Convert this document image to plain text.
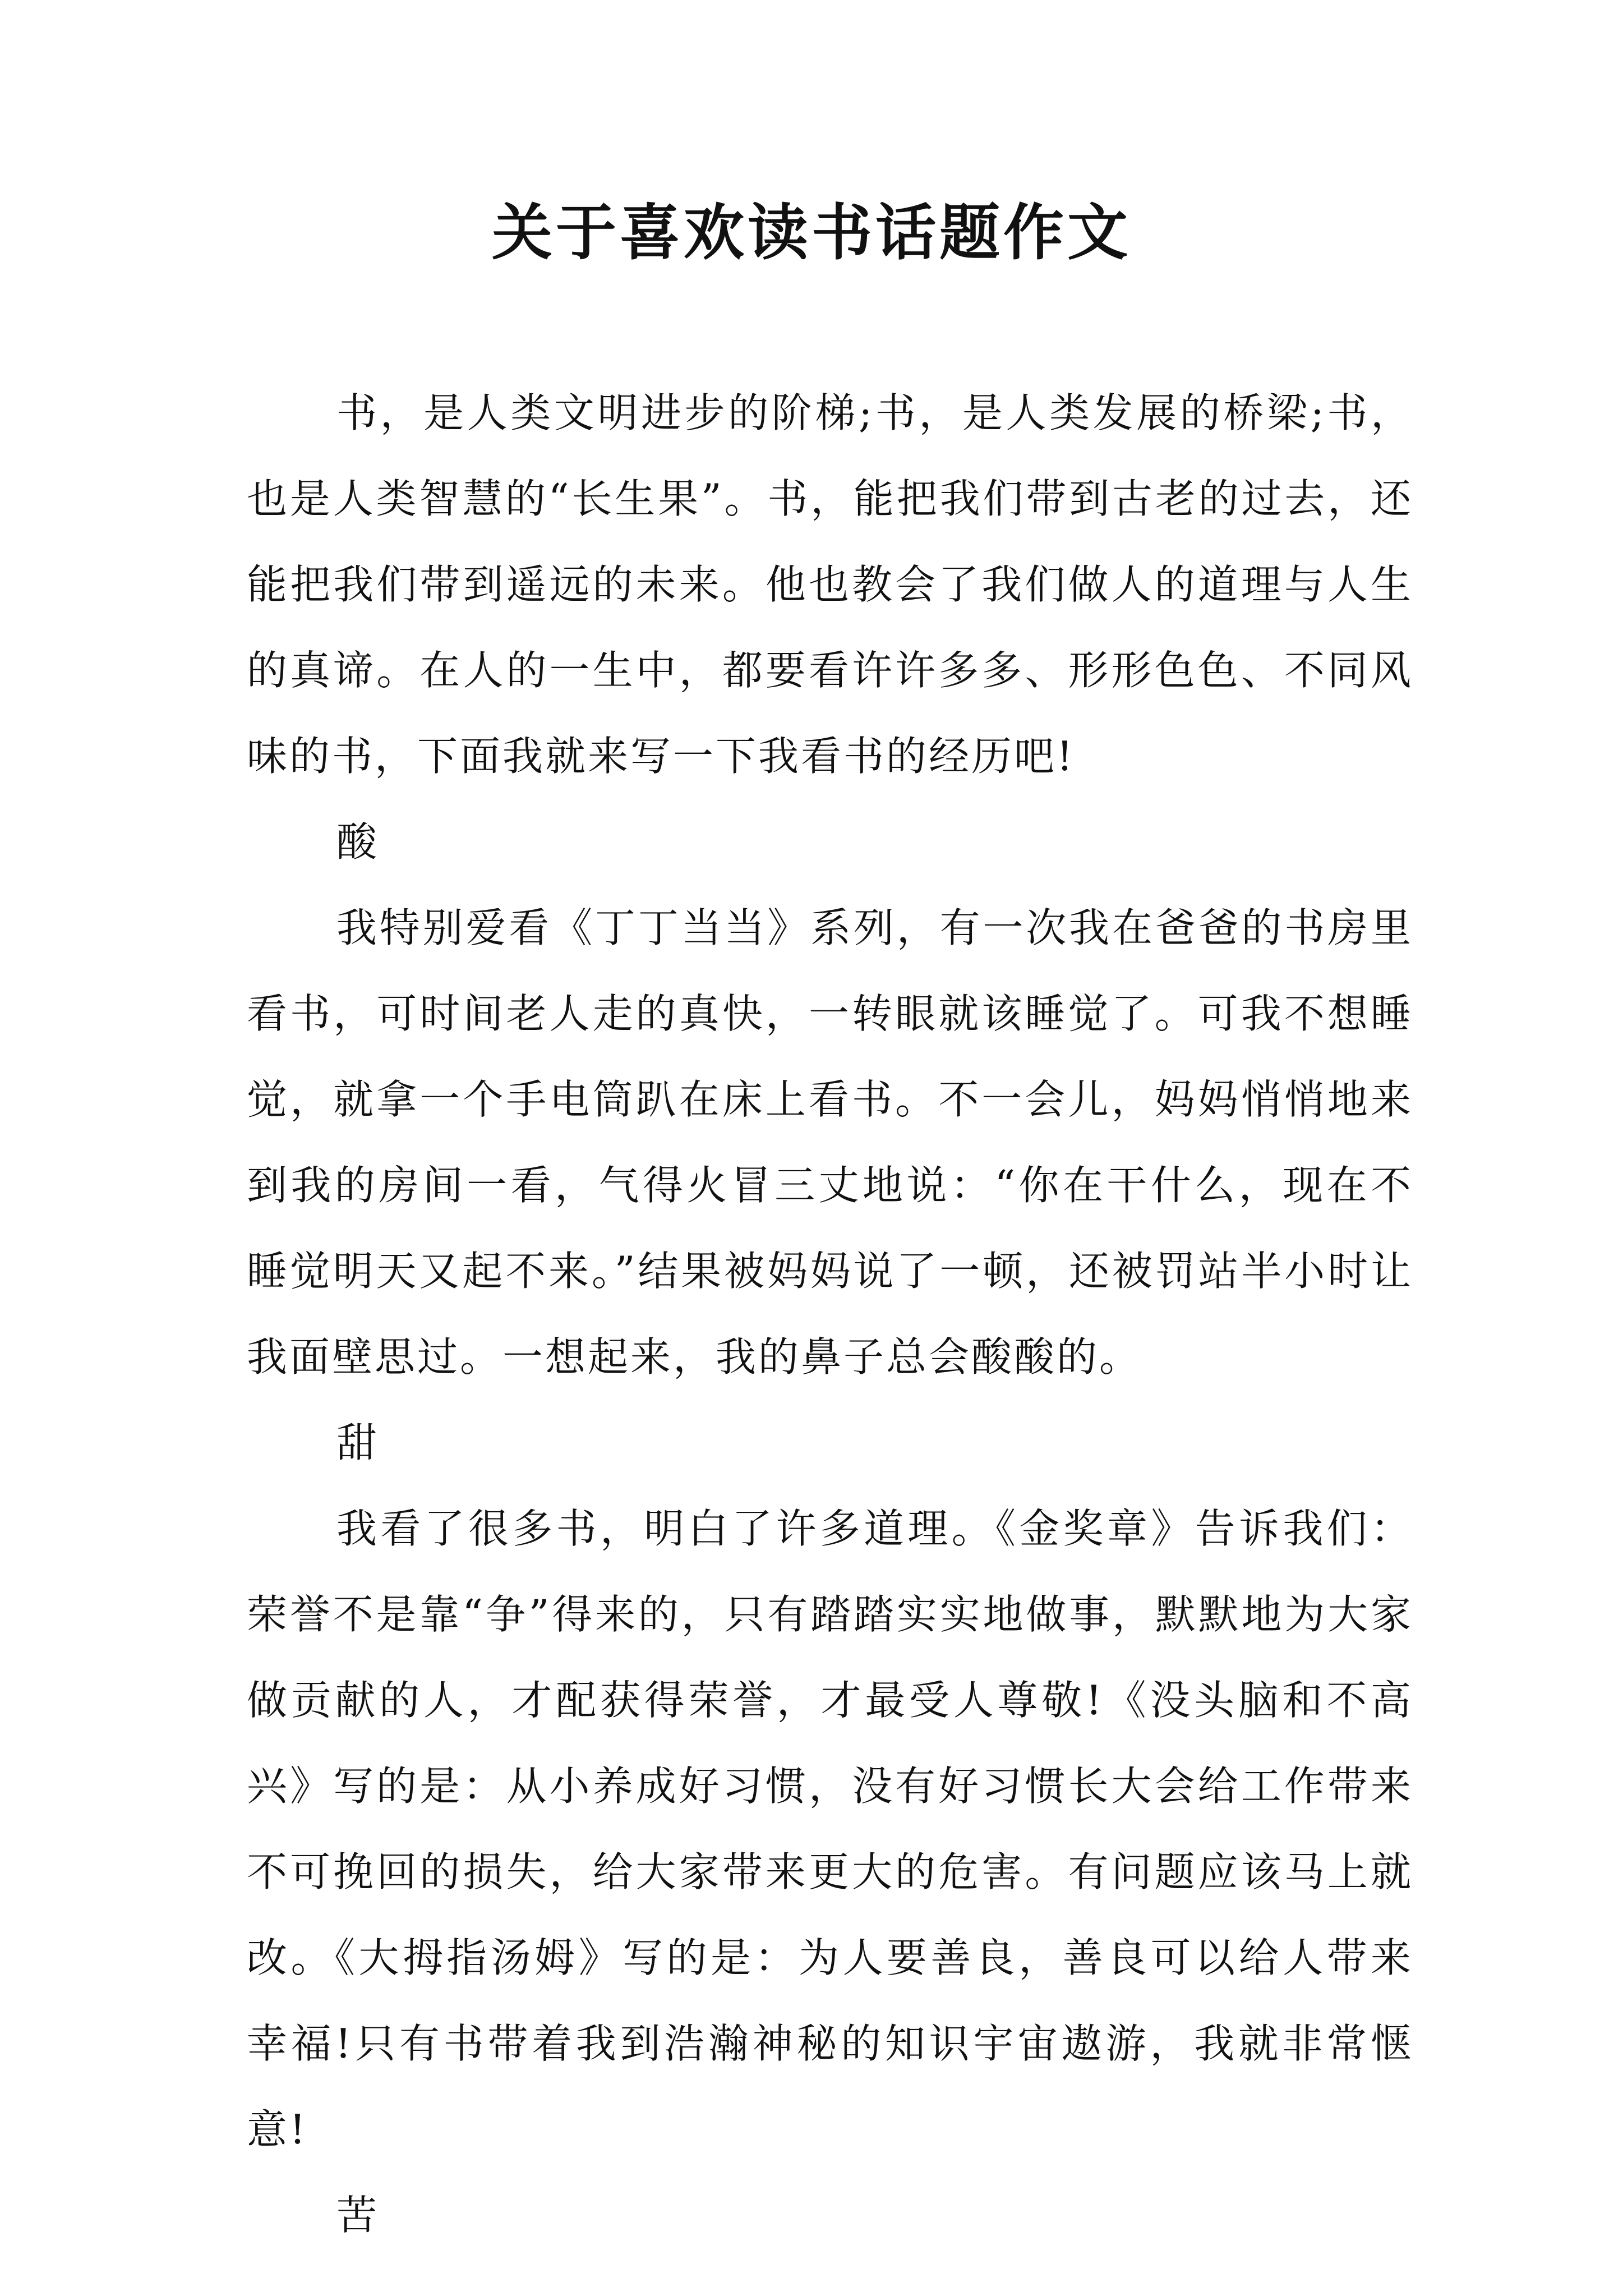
关于喜欢读书话题作文

书，是人类文明进步的阶梯;书，是人类发展的桥梁;书，也是人类智慧的“长生果”。书，能把我们带到古老的过去，还能把我们带到遥远的未来。他也教会了我们做人的道理与人生的真谛。在人的一生中，都要看许许多多、形形色色、不同风味的书，下面我就来写一下我看书的经历吧!

酸

我特别爱看《丁丁当当》系列，有一次我在爸爸的书房里看书，可时间老人走的真快，一转眼就该睡觉了。可我不想睡觉，就拿一个手电筒趴在床上看书。不一会儿，妈妈悄悄地来到我的房间一看，气得火冒三丈地说：“你在干什么，现在不睡觉明天又起不来。”结果被妈妈说了一顿，还被罚站半小时让我面壁思过。一想起来，我的鼻子总会酸酸的。

甜

我看了很多书，明白了许多道理。《金奖章》告诉我们：荣誉不是靠“争”得来的，只有踏踏实实地做事，默默地为大家做贡献的人，才配获得荣誉，才最受人尊敬!《没头脑和不高兴》写的是：从小养成好习惯，没有好习惯长大会给工作带来不可挽回的损失，给大家带来更大的危害。有问题应该马上就改。《大拇指汤姆》写的是：为人要善良，善良可以给人带来幸福!只有书带着我到浩瀚神秘的知识宇宙遨游，我就非常惬意!

苦
